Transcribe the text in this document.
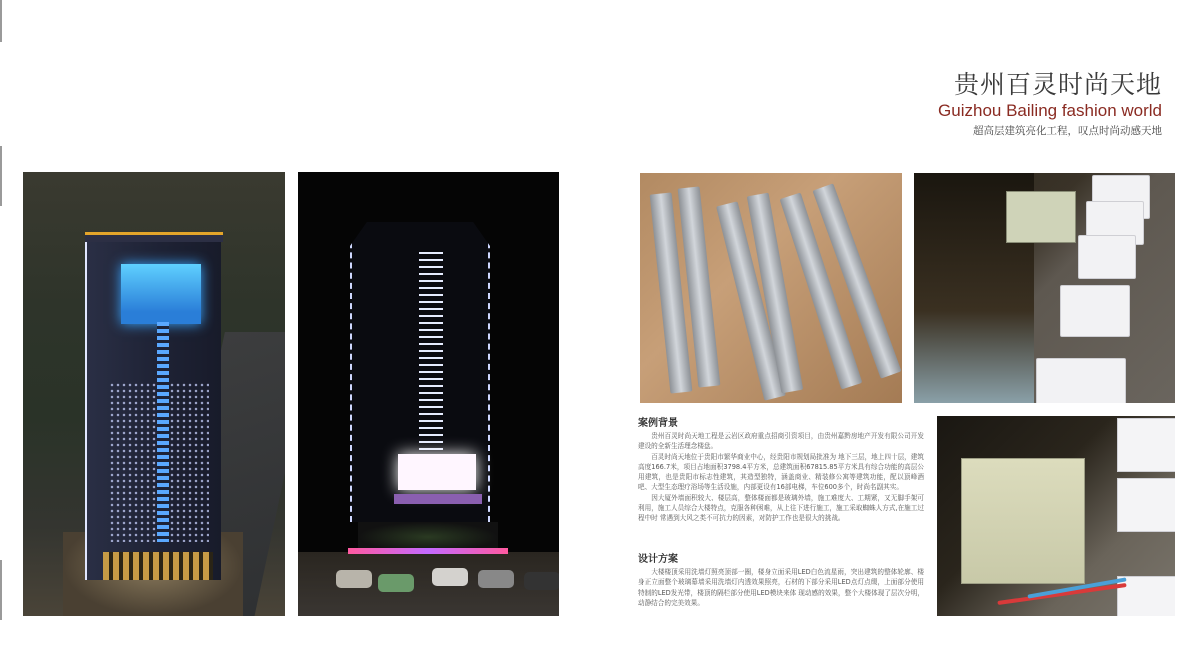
贵州百灵时尚天地
Guizhou Bailing fashion world
超高层建筑亮化工程，叹点时尚动感天地
案例背景

贵州百灵时尚天地工程是云岩区政府重点招商引资项目，由贵州嘉黔房地产开发有限公司开发建设的全新生活理念楼盘。

百灵时尚天地位于贵阳市繁华商业中心，经贵阳市规划局批准为 地下三层，地上四十层，建筑高度166.7米，项目占地面积3798.4平方米，总建筑面积67815.85平方米具有综合功能的高层公用建筑，也是贵阳市标志性建筑，其造型独特，涵盖商业、精装修公寓等建筑功能，配以顶峰酒吧、大型生态理疗浴场等生活设施，内部更设有16部电梯，车位600多个，时尚名副其实。

因大厦外墙面积较大、楼层高，整体楼面都是玻璃外墙，施工难度大、工期紧，又无脚手架可利用，施工人员综合大楼特点，克服各种困难，从上往下进行施工，施工采取蜘蛛人方式,在施工过程中时 常遇到大风之类不可抗力的因素，对防护工作也是很大的挑战。

设计方案

大楼楼顶采用洗墙灯照亮顶部一圈，楼身立面采用LED白色流星雨，突出建筑的整体轮廓、楼身正立面整个玻璃幕墙采用洗墙灯内透效果照亮，石材的下部分采用LED点灯点缀，上面部分使用特制的LED发光带，楼顶的隔栏部分使用LED模块来体 现动感的效果，整个大楼体现了层次分明，动静结合的完美效果。
